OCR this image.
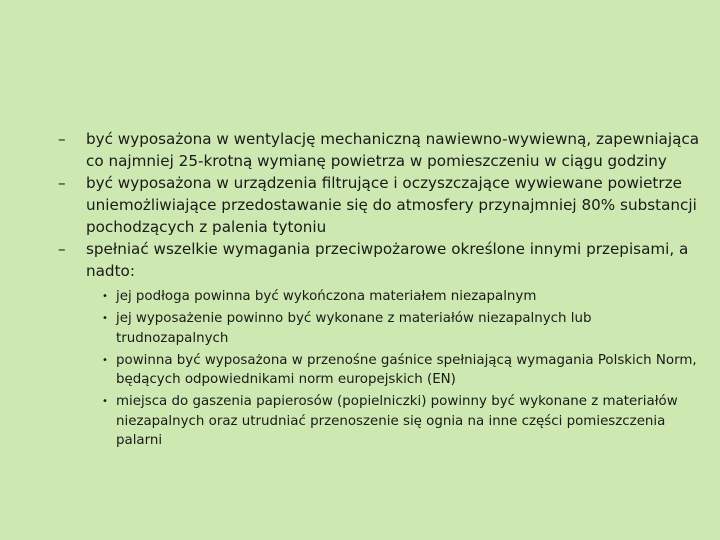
– być wyposażona w wentylację mechaniczną nawiewno-wywiewną, zapewniająca co najmniej 25-krotną wymianę powietrza w pomieszczeniu w ciągu godziny
– być wyposażona w urządzenia filtrujące i oczyszczające wywiewane powietrze uniemożliwiające przedostawanie się do atmosfery przynajmniej 80% substancji pochodzących z palenia tytoniu
– spełniać wszelkie wymagania przeciwpożarowe określone innymi przepisami, a nadto:
• jej podłoga powinna być wykończona materiałem niezapalnym
• jej wyposażenie powinno być wykonane z materiałów niezapalnych lub trudnozapalnych
• powinna być wyposażona w przenośne gaśnice spełniającą wymagania Polskich Norm, będących odpowiednikami norm europejskich (EN)
• miejsca do gaszenia papierosów (popielniczki) powinny być wykonane z materiałów niezapalnych oraz utrudniać przenoszenie się ognia na inne części pomieszczenia palarni
